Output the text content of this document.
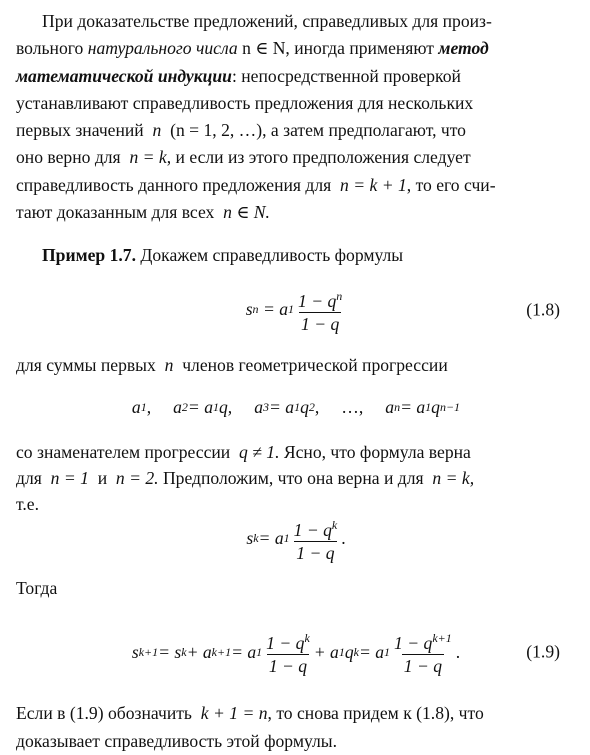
При доказательстве предложений, справедливых для произ-
вольного натурального числа n ∈ N, иногда применяют метод
математической индукции: непосредственной проверкой
устанавливают справедливость предложения для нескольких
первых значений n (n = 1, 2, …), а затем предполагают, что
оно верно для n = k, и если из этого предположения следует
справедливость данного предложения для n = k + 1, то его счи-
тают доказанным для всех n ∈ N.

Пример 1.7. Докажем справедливость формулы

s n
= a $1 \frac{1 - q^n}{1 - q}$	(1.8)

для суммы первых n членов геометрической прогрессии

a 1 , a 2 = a 1 q, a 3 = a 1 q 2 , …, a n = a 1 q n−1

со знаменателем прогрессии q ≠ 1. Ясно, что формула верна
для n = 1 и n = 2. Предположим, что она верна и для n = k,
т.е.

s k = a $1 \frac{1 - q^k}{1 - q}$ .

Тогда

s k+1 = s k + a k+1 = a $1 \frac{1 - q^k}{1 - q} + a$ 1 q k = a $1 \frac{1 - q^{k+1}}{1 - q}$ .	(1.9)

Если в (1.9) обозначить k + 1 = n, то снова придем к (1.8), что
доказывает справедливость этой формулы.
